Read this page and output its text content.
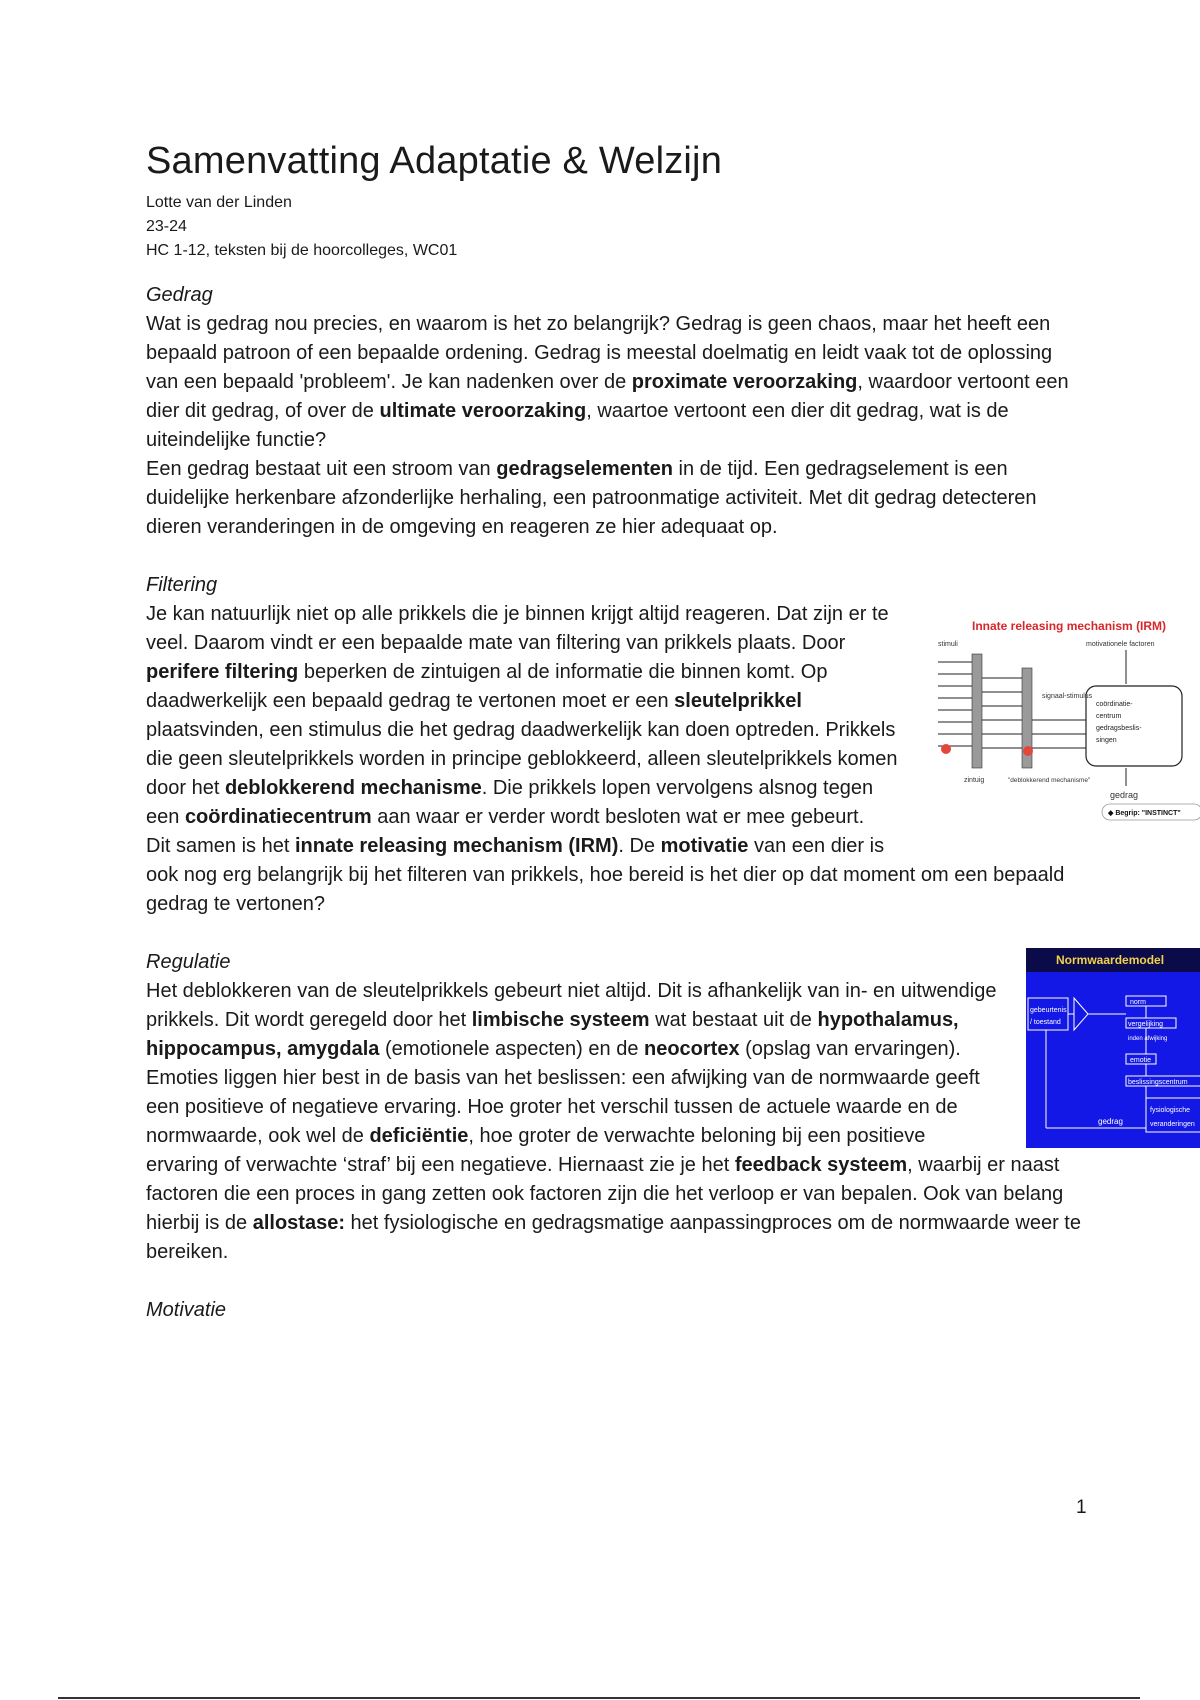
Samenvatting Adaptatie & Welzijn
Lotte van der Linden
23-24
HC 1-12, teksten bij de hoorcolleges, WC01
Gedrag

Wat is gedrag nou precies, en waarom is het zo belangrijk? Gedrag is geen chaos, maar het heeft een bepaald patroon of een bepaalde ordening. Gedrag is meestal doelmatig en leidt vaak tot de oplossing van een bepaald 'probleem'. Je kan nadenken over de proximate veroorzaking, waardoor vertoont een dier dit gedrag, of over de ultimate veroorzaking, waartoe vertoont een dier dit gedrag, wat is de uiteindelijke functie?

Een gedrag bestaat uit een stroom van gedragselementen in de tijd. Een gedragselement is een duidelijke herkenbare afzonderlijke herhaling, een patroonmatige activiteit. Met dit gedrag detecteren dieren veranderingen in de omgeving en reageren ze hier adequaat op.

Filtering
Innate releasing mechanism (IRM)
stimuli	motivationele factoren
signaal-stimulus
coördinatie-
centrum
gedragsbeslis-
singen
zintuig	"deblokkerend mechanisme"
gedrag
◆ Begrip: "INSTINCT"

Je kan natuurlijk niet op alle prikkels die je binnen krijgt altijd reageren. Dat zijn er te veel. Daarom vindt er een bepaalde mate van filtering van prikkels plaats. Door perifere filtering beperken de zintuigen al de informatie die binnen komt. Op daadwerkelijk een bepaald gedrag te vertonen moet er een sleutelprikkel plaatsvinden, een stimulus die het gedrag daadwerkelijk kan doen optreden. Prikkels die geen sleutelprikkels worden in principe geblokkeerd, alleen sleutelprikkels komen door het deblokkerend mechanisme. Die prikkels lopen vervolgens alsnog tegen een coördinatiecentrum aan waar er verder wordt besloten wat er mee gebeurt.

Dit samen is het innate releasing mechanism (IRM). De motivatie van een dier is ook nog erg belangrijk bij het filteren van prikkels, hoe bereid is het dier op dat moment om een bepaald gedrag te vertonen?

Normwaardemodel
gebeurtenis
/ toestand
norm
vergelijking
inden afwijking
emotie
beslissingscentrum
fysiologische
veranderingen
gedrag
Regulatie

Het deblokkeren van de sleutelprikkels gebeurt niet altijd. Dit is afhankelijk van in- en uitwendige prikkels. Dit wordt geregeld door het limbische systeem wat bestaat uit de hypothalamus, hippocampus, amygdala (emotionele aspecten) en de neocortex (opslag van ervaringen). Emoties liggen hier best in de basis van het beslissen: een afwijking van de normwaarde geeft een positieve of negatieve ervaring. Hoe groter het verschil tussen de actuele waarde en de normwaarde, ook wel de deficiëntie, hoe groter de verwachte beloning bij een positieve ervaring of verwachte ‘straf’ bij een negatieve. Hiernaast zie je het feedback systeem, waarbij er naast factoren die een proces in gang zetten ook factoren zijn die het verloop er van bepalen. Ook van belang hierbij is de allostase: het fysiologische en gedragsmatige aanpassingproces om de normwaarde weer te bereiken.

Motivatie
1
